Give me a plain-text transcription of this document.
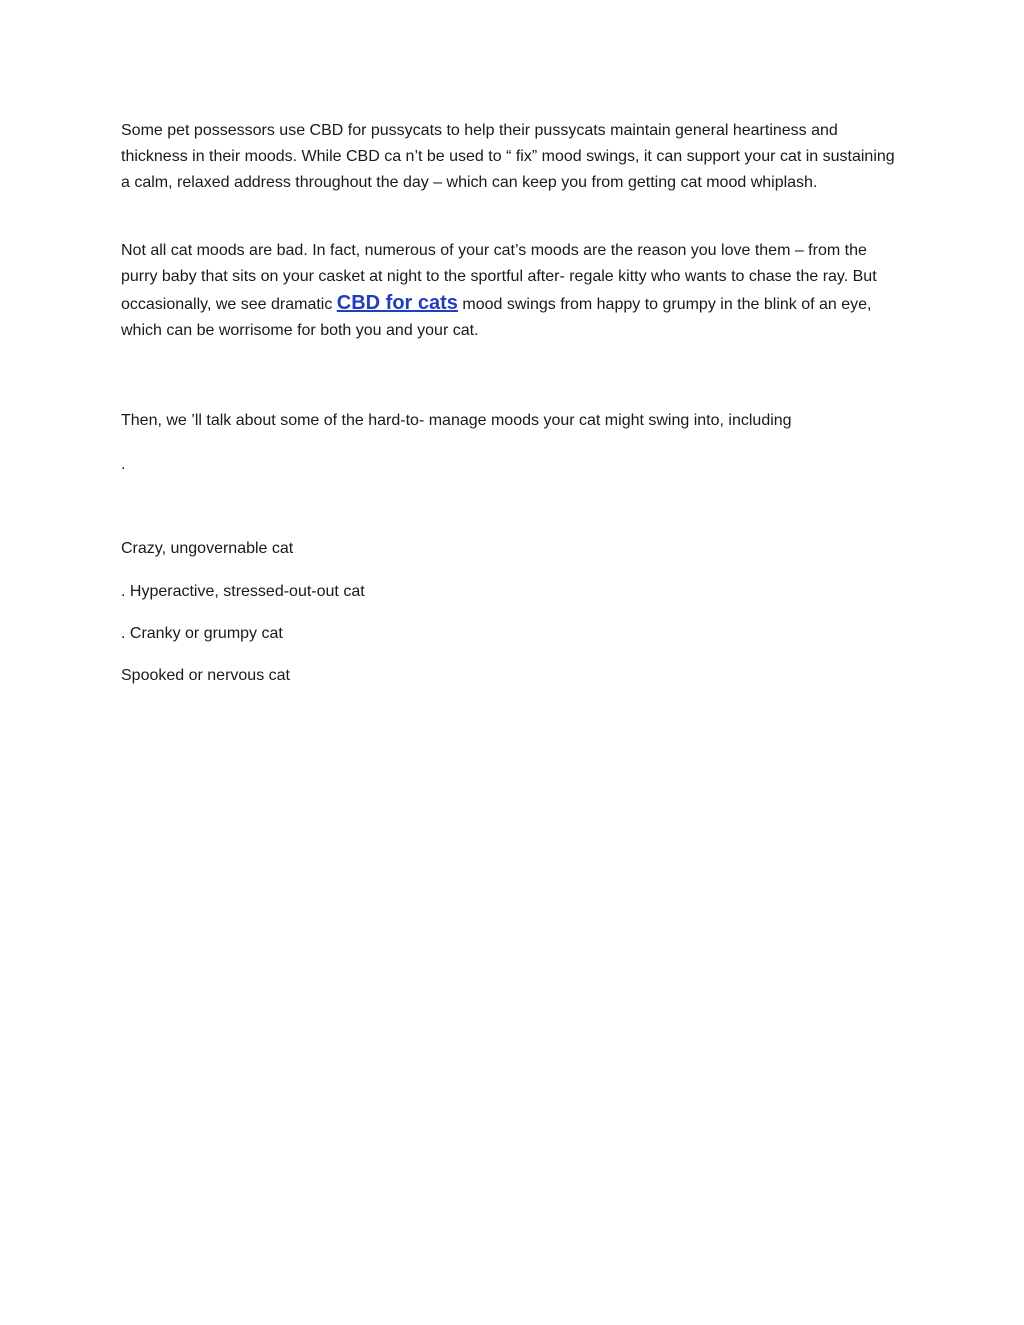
Some pet possessors use CBD for pussycats to help their pussycats maintain general heartiness and thickness in their moods. While CBD ca n’t be used to “ fix” mood swings, it can support your cat in sustaining a calm, relaxed address throughout the day – which can keep you from getting cat mood whiplash.

Not all cat moods are bad. In fact, numerous of your cat’s moods are the reason you love them – from the purry baby that sits on your casket at night to the sportful after- regale kitty who wants to chase the ray. But occasionally, we see dramatic CBD for cats mood swings from happy to grumpy in the blink of an eye, which can be worrisome for both you and your cat.

Then, we ’ll talk about some of the hard-to- manage moods your cat might swing into, including

.

Crazy, ungovernable cat

. Hyperactive, stressed-out-out cat

. Cranky or grumpy cat

Spooked or nervous cat
